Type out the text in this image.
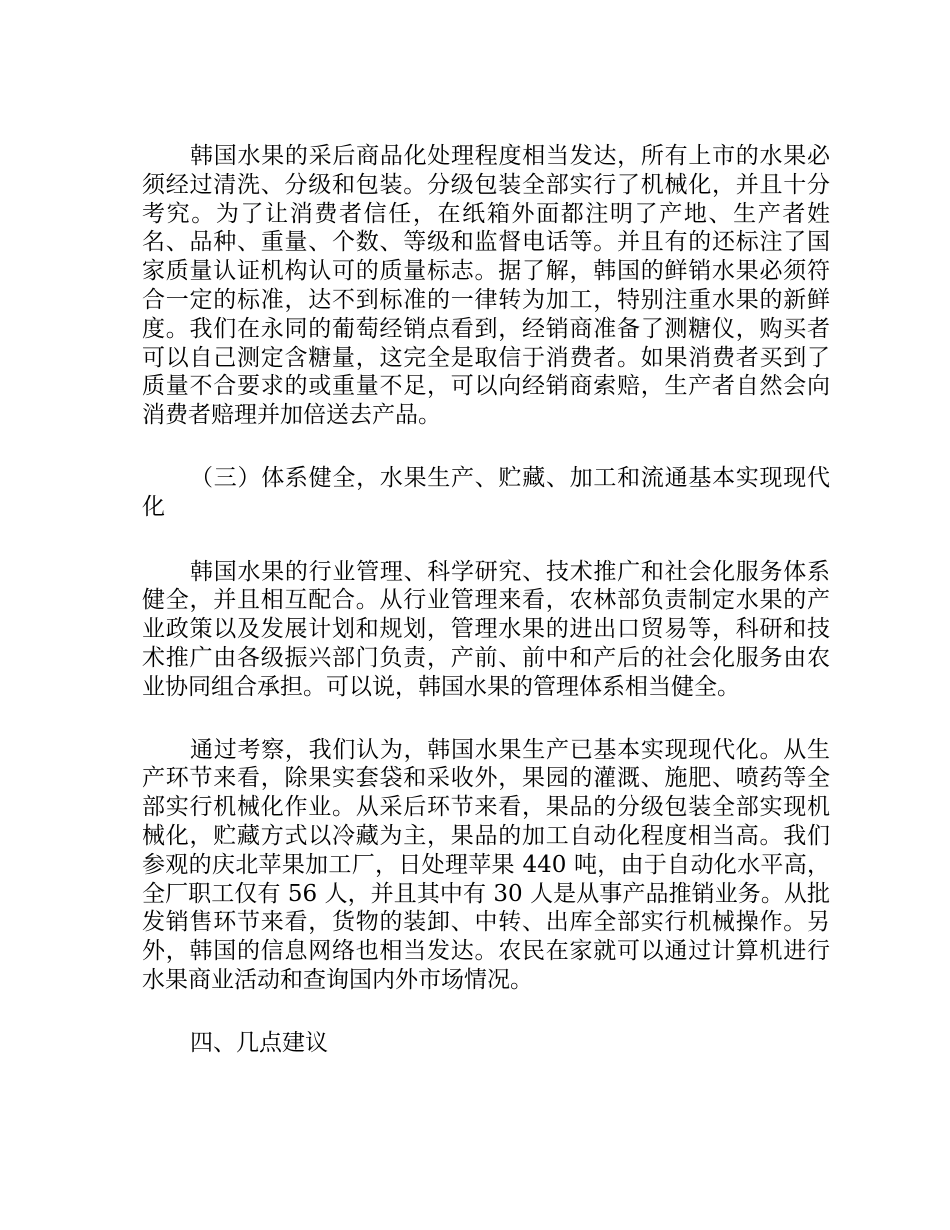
韩国水果的采后商品化处理程度相当发达，所有上市的水果必须经过清洗、分级和包装。分级包装全部实行了机械化，并且十分考究。为了让消费者信任，在纸箱外面都注明了产地、生产者姓名、品种、重量、个数、等级和监督电话等。并且有的还标注了国家质量认证机构认可的质量标志。据了解，韩国的鲜销水果必须符合一定的标准，达不到标准的一律转为加工，特别注重水果的新鲜度。我们在永同的葡萄经销点看到，经销商准备了测糖仪，购买者可以自己测定含糖量，这完全是取信于消费者。如果消费者买到了质量不合要求的或重量不足，可以向经销商索赔，生产者自然会向消费者赔理并加倍送去产品。

（三）体系健全，水果生产、贮藏、加工和流通基本实现现代化

韩国水果的行业管理、科学研究、技术推广和社会化服务体系健全，并且相互配合。从行业管理来看，农林部负责制定水果的产业政策以及发展计划和规划，管理水果的进出口贸易等，科研和技术推广由各级振兴部门负责，产前、前中和产后的社会化服务由农业协同组合承担。可以说，韩国水果的管理体系相当健全。

通过考察，我们认为，韩国水果生产已基本实现现代化。从生产环节来看，除果实套袋和采收外，果园的灌溉、施肥、喷药等全部实行机械化作业。从采后环节来看，果品的分级包装全部实现机械化，贮藏方式以冷藏为主，果品的加工自动化程度相当高。我们参观的庆北苹果加工厂，日处理苹果 440 吨，由于自动化水平高，全厂职工仅有 56 人，并且其中有 30 人是从事产品推销业务。从批发销售环节来看，货物的装卸、中转、出库全部实行机械操作。另外，韩国的信息网络也相当发达。农民在家就可以通过计算机进行水果商业活动和查询国内外市场情况。

四、几点建议
